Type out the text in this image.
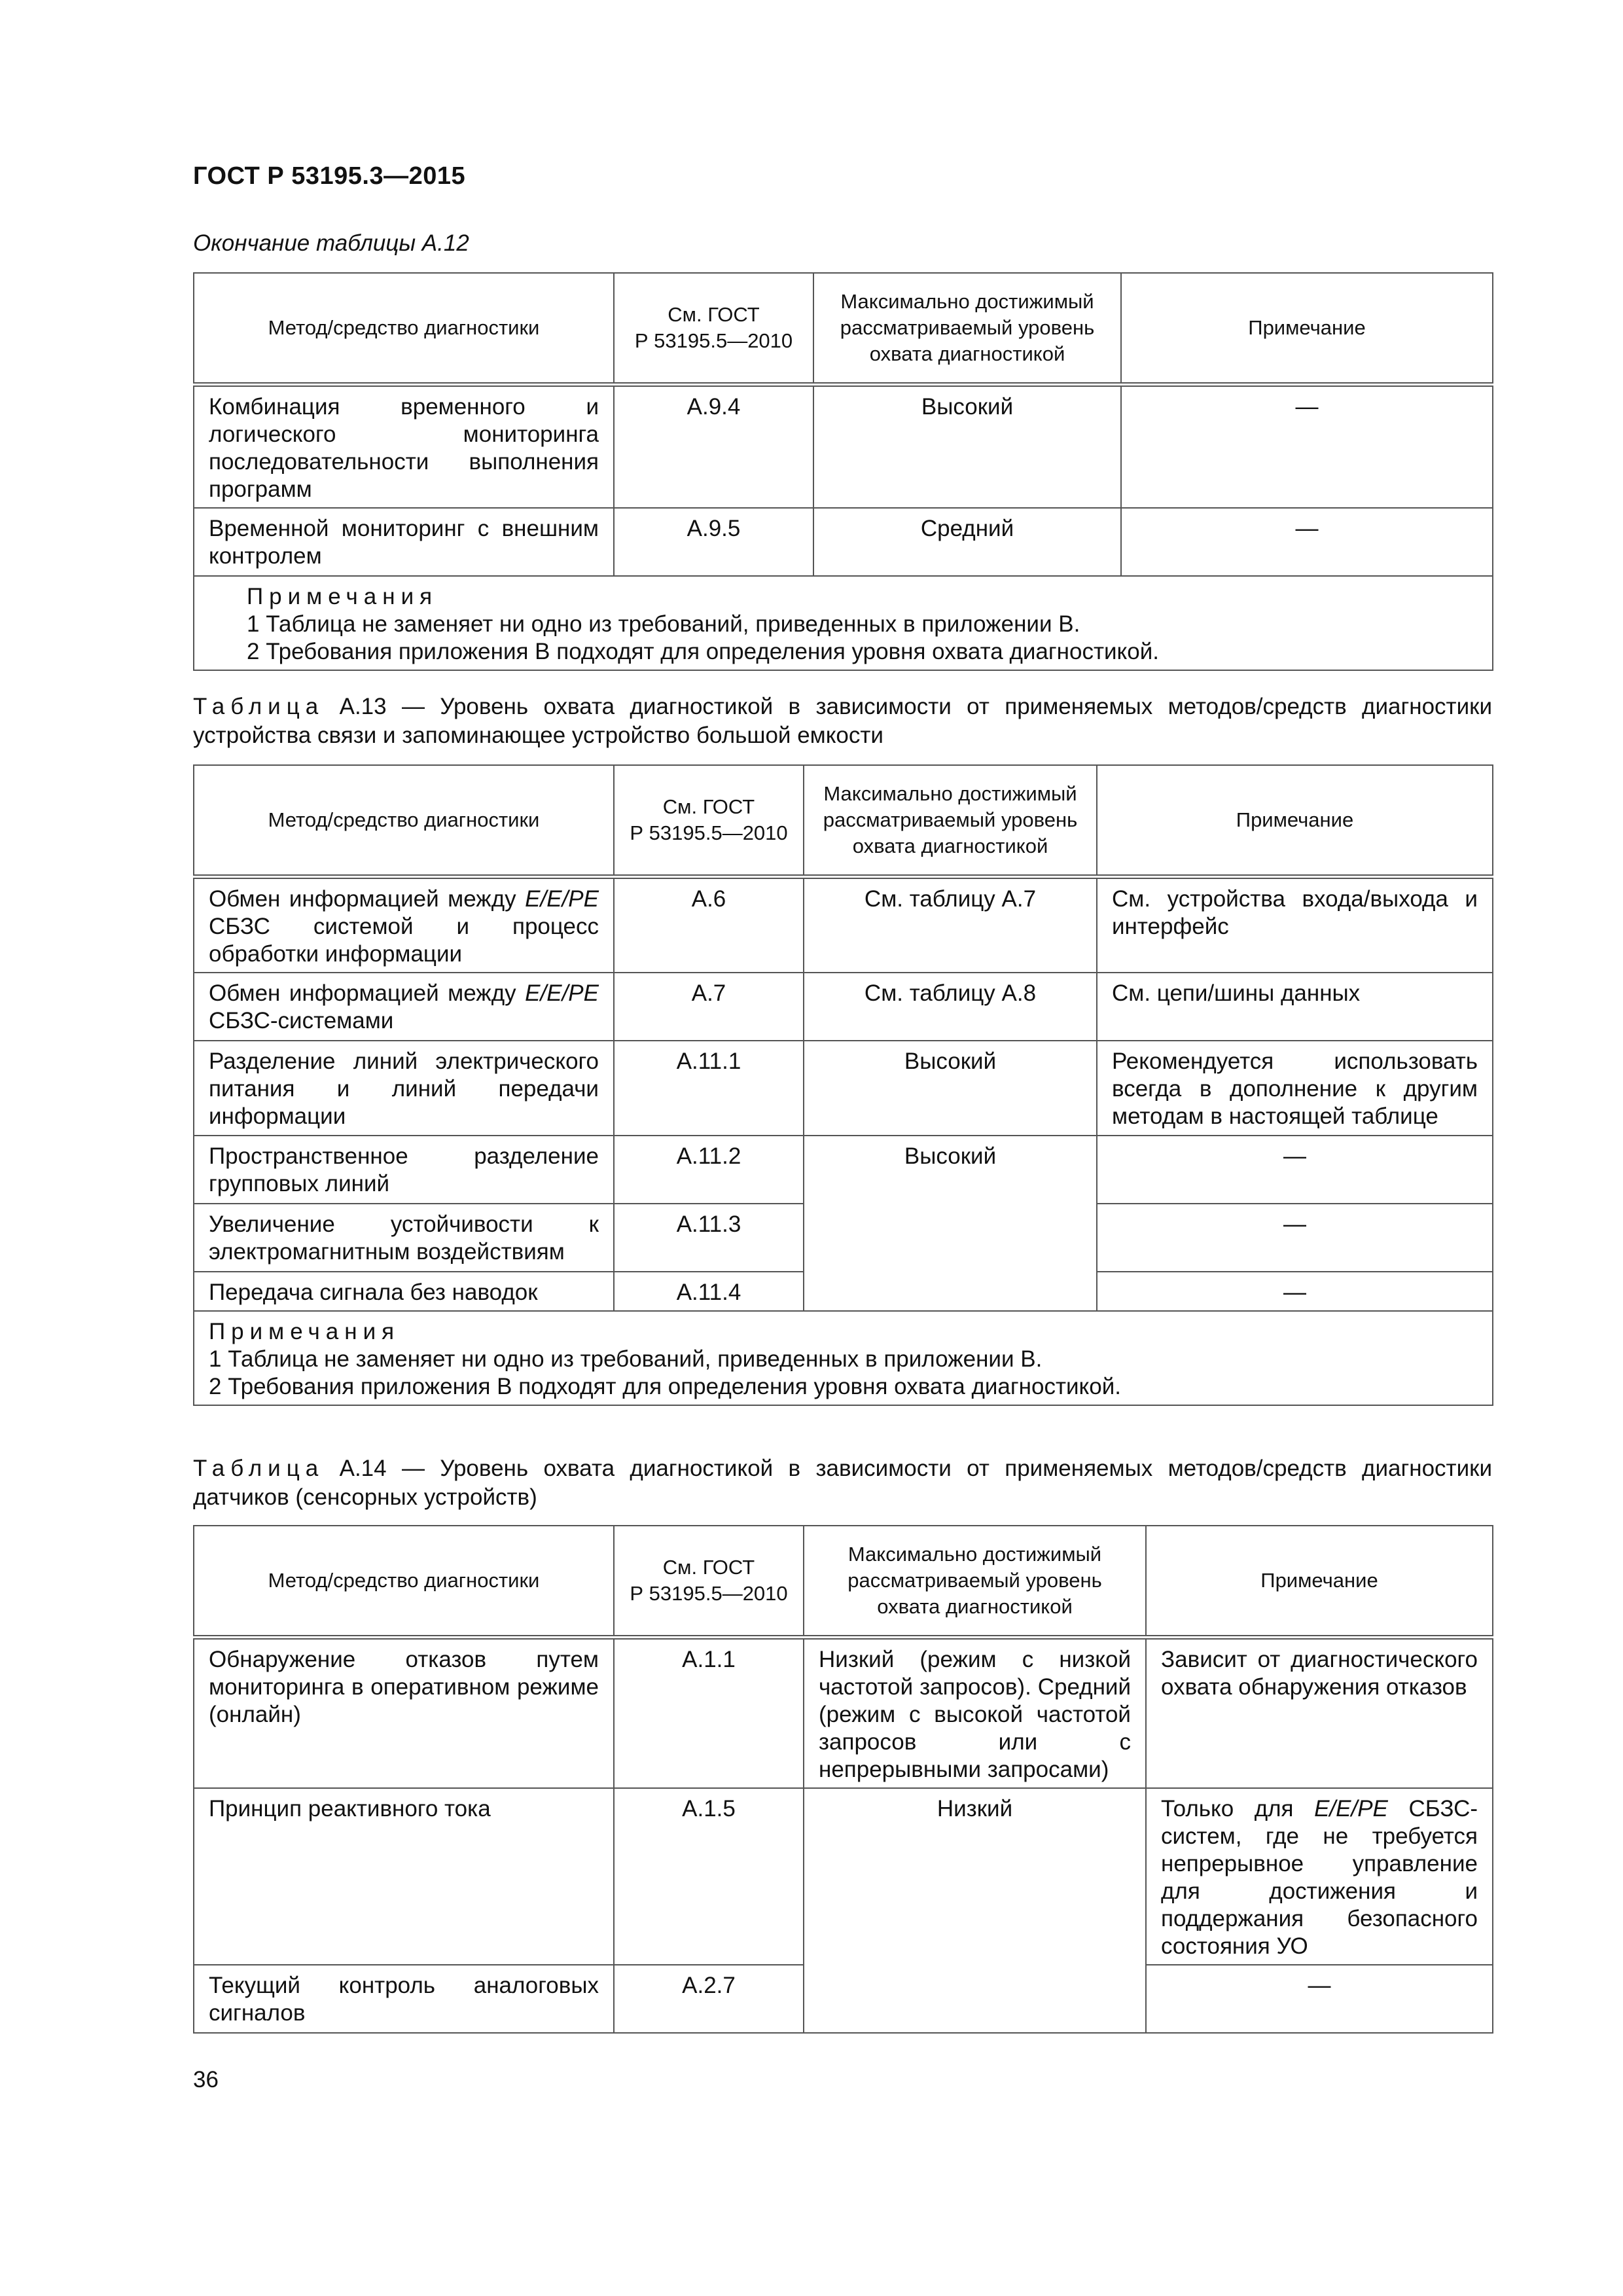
ГОСТ Р 53195.3—2015
Окончание таблицы А.12
Метод/средство диагностики	См. ГОСТ
Р 53195.5—2010	Максимально достижимый рассматриваемый уровень охвата диагностикой	Примечание
Комбинация временного и логического мониторинга последовательности выполнения программ	A.9.4	Высокий	—
Временной мониторинг с внешним контролем	A.9.5	Средний	—

Примечания
1 Таблица не заменяет ни одно из требований, приведенных в приложении В.
2 Требования приложения В подходят для определения уровня охвата диагностикой.			
Таблица А.13 — Уровень охвата диагностикой в зависимости от применяемых методов/средств диагностики устройства связи и запоминающее устройство большой емкости
Метод/средство диагностики	См. ГОСТ
Р 53195.5—2010	Максимально достижимый рассматриваемый уровень охвата диагностикой	Примечание
Обмен информацией между E/E/PE СБЗС системой и процесс обработки информации	A.6	См. таблицу А.7	См. устройства входа/выхода и интерфейс
Обмен информацией между E/E/PE СБЗС-системами	A.7	См. таблицу А.8	См. цепи/шины данных
Разделение линий электрического питания и линий передачи информации	A.11.1	Высокий	Рекомендуется использовать всегда в дополнение к другим методам в настоящей таблице
Пространственное разделение групповых линий	A.11.2	Высокий	—
Увеличение устойчивости к электромагнитным воздействиям	A.11.3		—
Передача сигнала без наводок	A.11.4		—

Примечания
1 Таблица не заменяет ни одно из требований, приведенных в приложении В.
2 Требования приложения В подходят для определения уровня охвата диагностикой.			
Таблица А.14 — Уровень охвата диагностикой в зависимости от применяемых методов/средств диагностики датчиков (сенсорных устройств)
Метод/средство диагностики	См. ГОСТ
Р 53195.5—2010	Максимально достижимый рассматриваемый уровень охвата диагностикой	Примечание
Обнаружение отказов путем мониторинга в оперативном режиме (онлайн)	A.1.1	Низкий (режим с низкой частотой запросов). Средний (режим с высокой частотой запросов или с непрерывными запросами)	Зависит от диагностического охвата обнаружения отказов
Принцип реактивного тока	A.1.5	Низкий	Только для E/E/PE СБЗС-систем, где не требуется непрерывное управление для достижения и поддержания безопасного состояния УО
Текущий контроль аналоговых сигналов	A.2.7		—
36
